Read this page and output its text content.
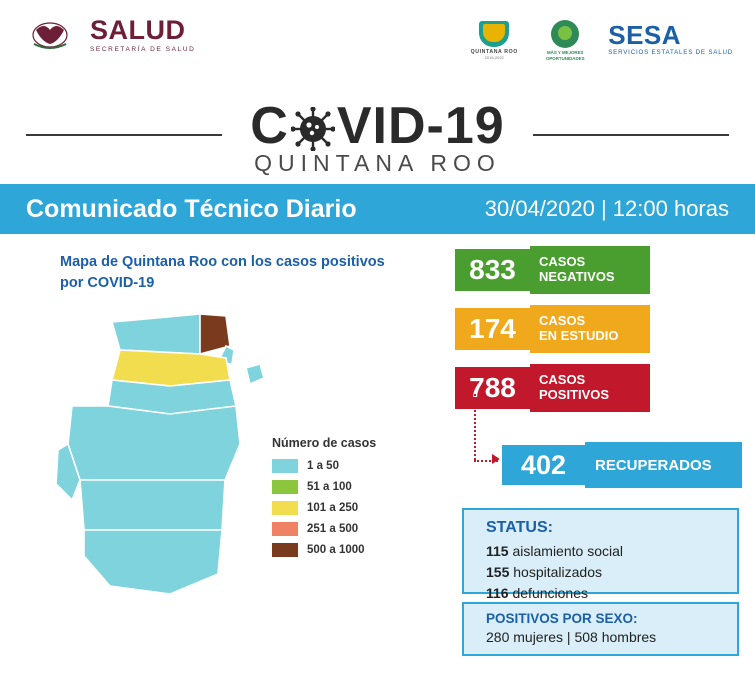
SALUD
SECRETARÍA DE SALUD	QUINTANA ROO
2016-2022
MÁS Y MEJORES OPORTUNIDADES
SESA
SERVICIOS ESTATALES DE SALUD
C VID-19
QUINTANA ROO
Comunicado Técnico Diario	30/04/2020 | 12:00 horas
Mapa de Quintana Roo con los casos positivos por COVID-19
Número de casos
1 a 50
51 a 100
101 a 250
251 a 500
500 a 1000
833	CASOS
NEGATIVOS
174	CASOS
EN ESTUDIO
788	CASOS
POSITIVOS
402	RECUPERADOS
STATUS:
115 aislamiento social
155 hospitalizados
116 defunciones
POSITIVOS POR SEXO:
280 mujeres | 508 hombres
